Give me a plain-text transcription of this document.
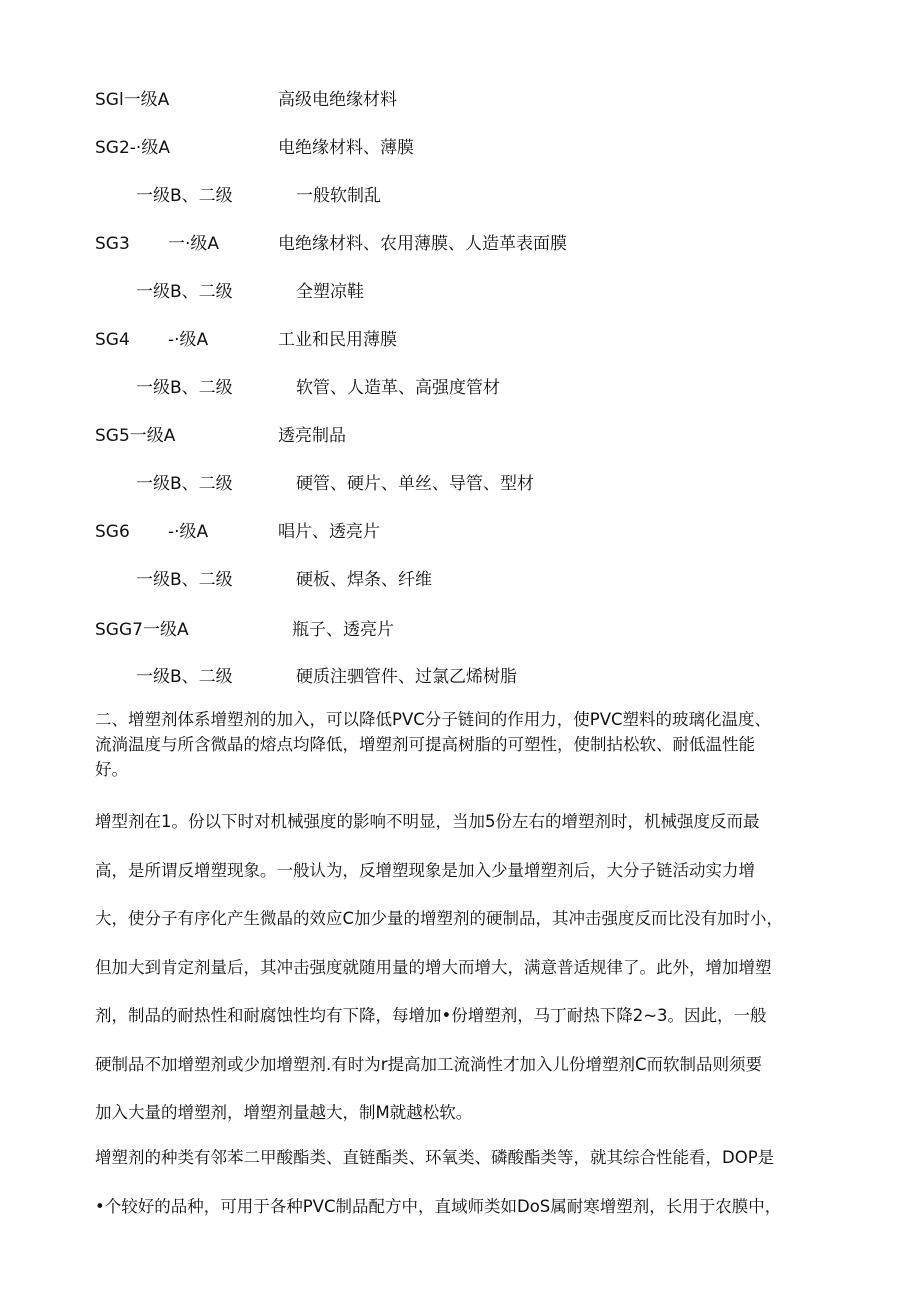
SGl一级A	高级电绝缘材料
SG2-·级A	电绝缘材料、薄膜
一级B、二级	一般软制乱
SG3 一·级A	电绝缘材料、农用薄膜、人造革表面膜
一级B、二级	全塑凉鞋
SG4 -·级A	工业和民用薄膜
一级B、二级	软管、人造革、高强度管材
SG5一级A	透亮制品
一级B、二级	硬管、硬片、单丝、导管、型材
SG6 -·级A	唱片、透亮片
一级B、二级	硬板、焊条、纤维
SGG7一级A	瓶子、透亮片
一级B、二级	硬质注驷管件、过氯乙烯树脂
二、增塑剂体系增塑剂的加入，可以降低PVC分子链间的作用力，使PVC塑料的玻璃化温度、
流淌温度与所含微晶的熔点均降低，增塑剂可提高树脂的可塑性，使制拈松软、耐低温性能
好。
增型剂在1。份以下时对机械强度的影响不明显，当加5份左右的增塑剂时，机械强度反而最
高，是所谓反增塑现象。一般认为，反增塑现象是加入少量增塑剂后，大分子链活动实力增
大，使分子有序化产生微晶的效应C加少量的增塑剂的硬制品，其冲击强度反而比没有加时小，
但加大到肯定剂量后，其冲击强度就随用量的增大而增大，满意普适规律了。此外，增加增塑
剂，制品的耐热性和耐腐蚀性均有下降，每增加•份增塑剂，马丁耐热下降2~3。因此，一般
硬制品不加增塑剂或少加增塑剂.有时为r提高加工流淌性才加入儿份增塑剂C而软制品则须要
加入大量的增塑剂，增塑剂量越大，制M就越松软。
增塑剂的种类有邻苯二甲酸酯类、直链酯类、环氧类、磷酸酯类等，就其综合性能看，DOP是
•个较好的品种，可用于各种PVC制品配方中，直域师类如DoS属耐寒增塑剂，长用于农膜中，
